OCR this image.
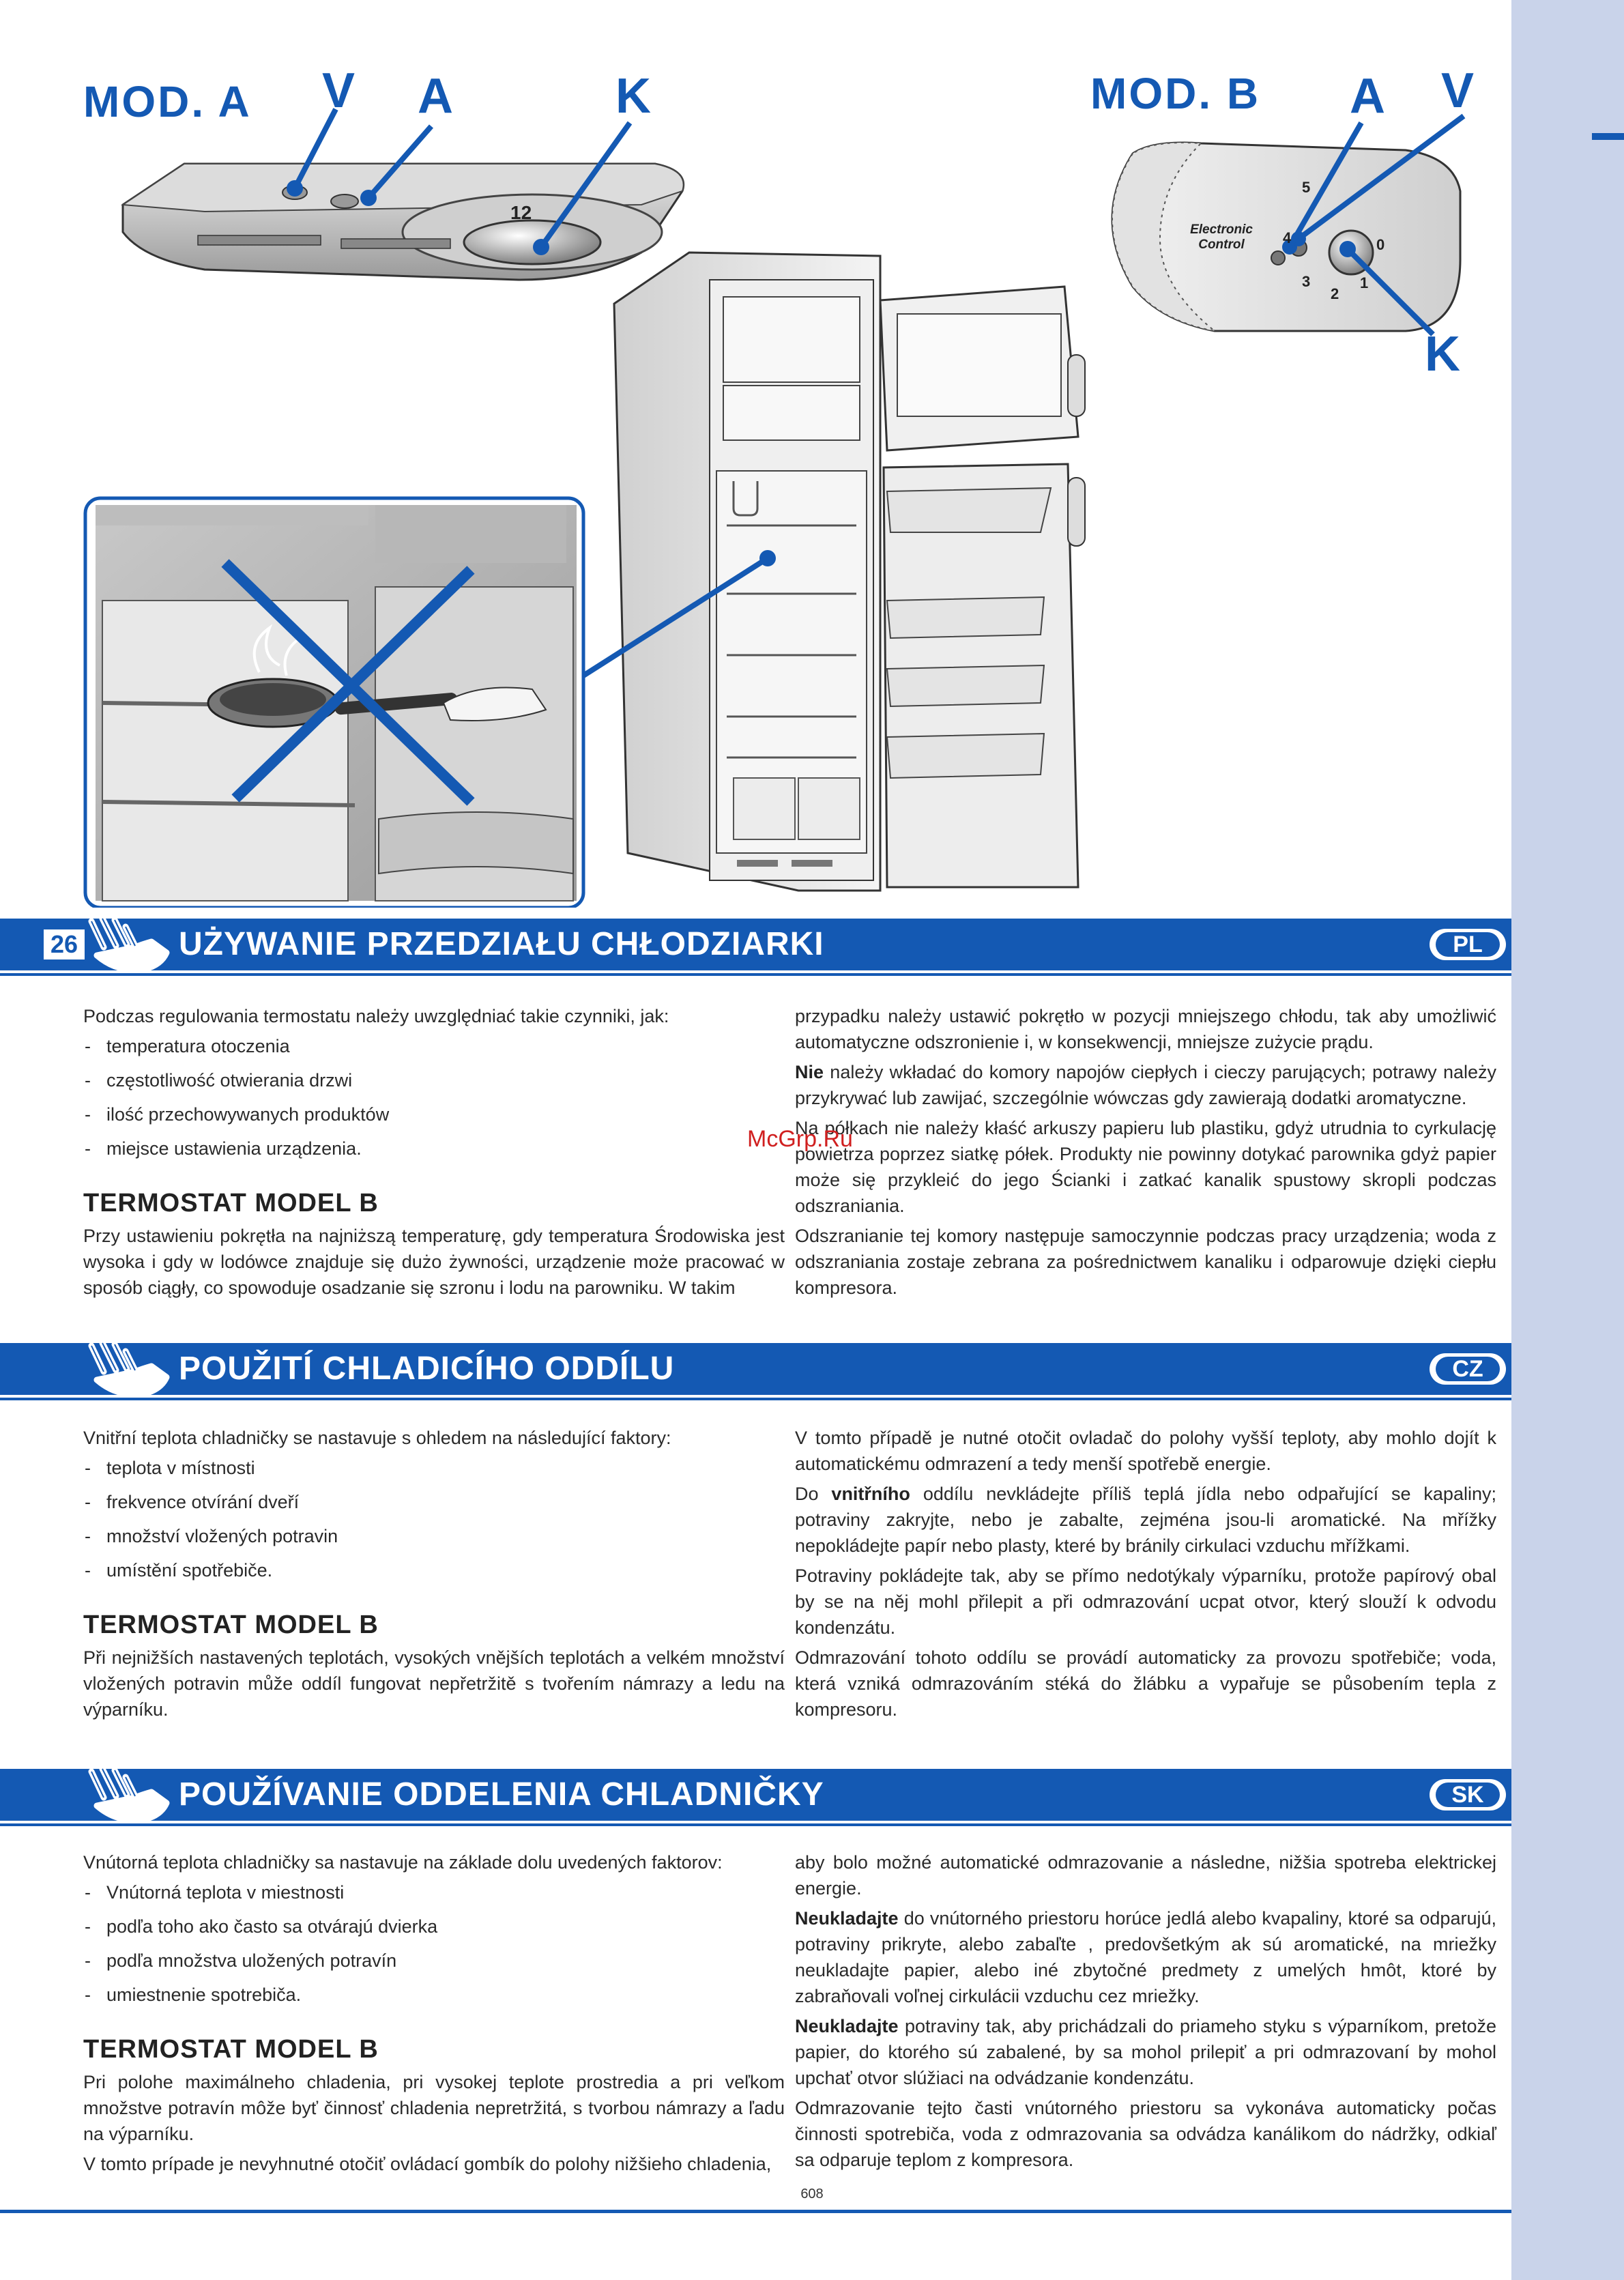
MOD. A V A	K
12
MOD. B A V
K
Electronic Control
5
4
3
2
1
0
26	UŻYWANIE PRZEDZIAŁU CHŁODZIARKI	PL

Podczas regulowania termostatu należy uwzględniać takie czynniki, jak:

- temperatura otoczenia
- częstotliwość otwierania drzwi
- ilość przechowywanych produktów
- miejsce ustawienia urządzenia.
TERMOSTAT MODEL B

Przy ustawieniu pokrętła na najniższą temperaturę, gdy temperatura Środowiska jest wysoka i gdy w lodówce znajduje się dużo żywności, urządzenie może pracować w sposób ciągły, co spowoduje osadzanie się szronu i lodu na parowniku. W takim

przypadku należy ustawić pokrętło w pozycji mniejszego chłodu, tak aby umożliwić automatyczne odszronienie i, w konsekwencji, mniejsze zużycie prądu.

Nie należy wkładać do komory napojów ciepłych i cieczy parujących; potrawy należy przykrywać lub zawijać, szczególnie wówczas gdy zawierają dodatki aromatyczne.

Na półkach nie należy kłaść arkuszy papieru lub plastiku, gdyż utrudnia to cyrkulację powietrza poprzez siatkę półek. Produkty nie powinny dotykać parownika gdyż papier może się przykleić do jego Ścianki i zatkać kanalik spustowy skropli podczas odszraniania.

Odszranianie tej komory następuje samoczynnie podczas pracy urządzenia; woda z odszraniania zostaje zebrana za pośrednictwem kanaliku i odparowuje dzięki ciepłu kompresora.

McGrp.Ru
POUŽITÍ CHLADICÍHO ODDÍLU	CZ

Vnitřní teplota chladničky se nastavuje s ohledem na následující faktory:

- teplota v místnosti
- frekvence otvírání dveří
- množství vložených potravin
- umístění spotřebiče.
TERMOSTAT MODEL B

Při nejnižších nastavených teplotách, vysokých vnějších teplotách a velkém množství vložených potravin může oddíl fungovat nepřetržitě s tvořením námrazy a ledu na výparníku.

V tomto případě je nutné otočit ovladač do polohy vyšší teploty, aby mohlo dojít k automatickému odmrazení a tedy menší spotřebě energie.

Do vnitřního oddílu nevkládejte příliš teplá jídla nebo odpařující se kapaliny; potraviny zakryjte, nebo je zabalte, zejména jsou-li aromatické. Na mřížky nepokládejte papír nebo plasty, které by bránily cirkulaci vzduchu mřížkami.

Potraviny pokládejte tak, aby se přímo nedotýkaly výparníku, protože papírový obal by se na něj mohl přilepit a při odmrazování ucpat otvor, který slouží k odvodu kondenzátu.

Odmrazování tohoto oddílu se provádí automaticky za provozu spotřebiče; voda, která vzniká odmrazováním stéká do žlábku a vypařuje se působením tepla z kompresoru.

POUŽÍVANIE ODDELENIA CHLADNIČKY	SK

Vnútorná teplota chladničky sa nastavuje na základe dolu uvedených faktorov:

- Vnútorná teplota v miestnosti
- podľa toho ako často sa otvárajú dvierka
- podľa množstva uložených potravín
- umiestnenie spotrebiča.
TERMOSTAT MODEL B

Pri polohe maximálneho chladenia, pri vysokej teplote prostredia a pri veľkom množstve potravín môže byť činnosť chladenia nepretržitá, s tvorbou námrazy a ľadu na výparníku.

V tomto prípade je nevyhnutné otočiť ovládací gombík do polohy nižšieho chladenia,

aby bolo možné automatické odmrazovanie a následne, nižšia spotreba elektrickej energie.

Neukladajte do vnútorného priestoru horúce jedlá alebo kvapaliny, ktoré sa odparujú, potraviny prikryte, alebo zabaľte , predovšetkým ak sú aromatické, na mriežky neukladajte papier, alebo iné zbytočné predmety z umelých hmôt, ktoré by zabraňovali voľnej cirkulácii vzduchu cez mriežky.

Neukladajte potraviny tak, aby prichádzali do priameho styku s výparníkom, pretože papier, do ktorého sú zabalené, by sa mohol prilepiť a pri odmrazovaní by mohol upchať otvor slúžiaci na odvádzanie kondenzátu.

Odmrazovanie tejto časti vnútorného priestoru sa vykonáva automaticky počas činnosti spotrebiča, voda z odmrazovania sa odvádza kanálikom do nádržky, odkiaľ sa odparuje teplom z kompresora.

608
